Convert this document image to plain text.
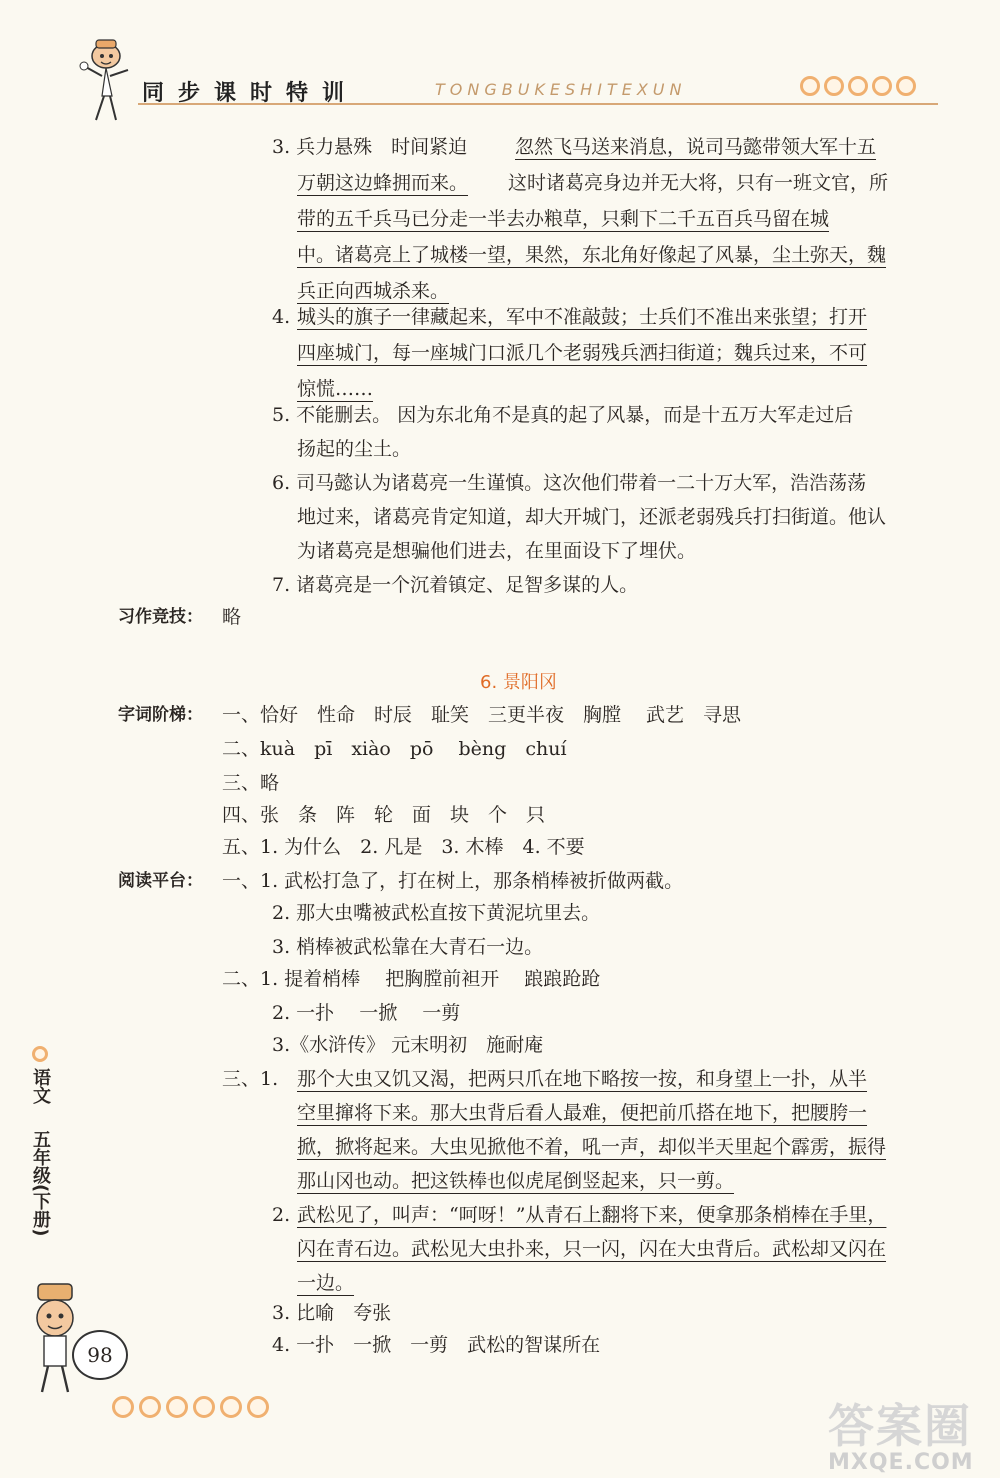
同步课时特训	TONGBUKESHITEXUN
3. 兵力悬殊　时间紧迫　 忽然飞马送来消息，说司马懿带领大军十五
万朝这边蜂拥而来。 这时诸葛亮身边并无大将，只有一班文官，所
带的五千兵马已分走一半去办粮草，只剩下二千五百兵马留在城
中。诸葛亮上了城楼一望，果然，东北角好像起了风暴，尘土弥天，魏
兵正向西城杀来。
4. 城头的旗子一律藏起来，军中不准敲鼓；士兵们不准出来张望；打开
四座城门，每一座城门口派几个老弱残兵洒扫街道；魏兵过来，不可
惊慌……
5. 不能删去。 因为东北角不是真的起了风暴，而是十五万大军走过后
扬起的尘土。
6. 司马懿认为诸葛亮一生谨慎。这次他们带着一二十万大军，浩浩荡荡
地过来，诸葛亮肯定知道，却大开城门，还派老弱残兵打扫街道。他认
为诸葛亮是想骗他们进去，在里面设下了埋伏。
7. 诸葛亮是一个沉着镇定、足智多谋的人。
习作竞技： 略
6. 景阳冈
字词阶梯： 一、恰好　性命　时辰　耻笑　三更半夜　胸膛　 武艺　寻思
二、kuà　pī　xiào　pō　 bèng　chuí
三、略
四、张　条　阵　轮　面　块　个　只
五、1. 为什么　2. 凡是　3. 木棒　4. 不要
阅读平台： 一、1. 武松打急了，打在树上，那条梢棒被折做两截。
2. 那大虫嘴被武松直按下黄泥坑里去。
3. 梢棒被武松靠在大青石一边。
二、1. 提着梢棒　 把胸膛前袒开　 踉踉跄跄
2. 一扑　 一掀　 一剪
3.《水浒传》 元末明初　施耐庵
三、1. 那个大虫又饥又渴，把两只爪在地下略按一按，和身望上一扑，从半
空里撺将下来。那大虫背后看人最难，便把前爪搭在地下，把腰胯一
掀，掀将起来。大虫见掀他不着，吼一声，却似半天里起个霹雳，振得
那山冈也动。把这铁棒也似虎尾倒竖起来，只一剪。
2. 武松见了，叫声：“呵呀！”从青石上翻将下来，便拿那条梢棒在手里，
闪在青石边。武松见大虫扑来，只一闪，闪在大虫背后。武松却又闪在
一边。
3. 比喻　夸张
4. 一扑　一掀　一剪　武松的智谋所在
语文
五年级(下册)
98
答案圈
MXQE.COM
